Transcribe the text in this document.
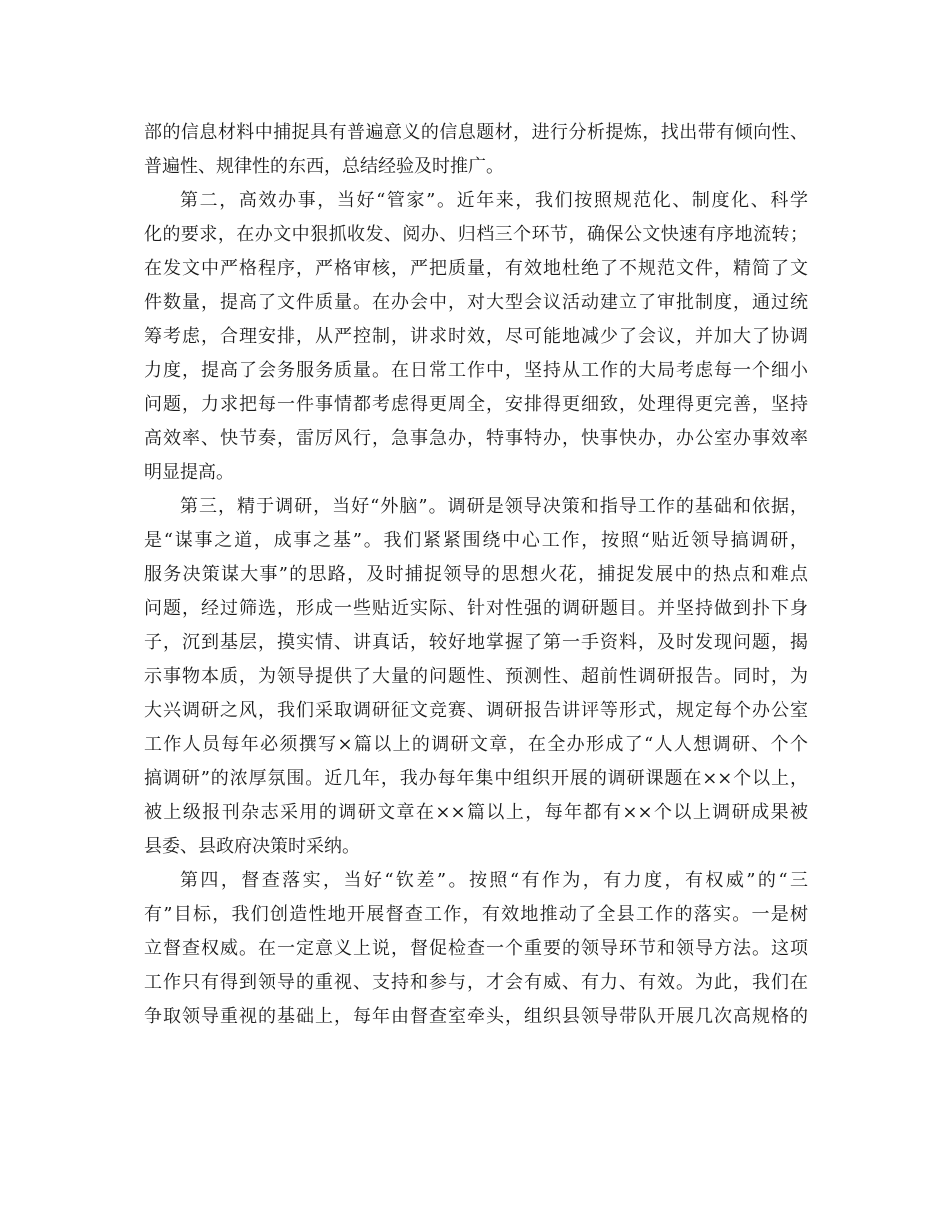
部的信息材料中捕捉具有普遍意义的信息题材，进行分析提炼，找出带有倾向性、
普遍性、规律性的东西，总结经验及时推广。
第二，高效办事，当好“管家”。近年来，我们按照规范化、制度化、科学
化的要求，在办文中狠抓收发、阅办、归档三个环节，确保公文快速有序地流转；
在发文中严格程序，严格审核，严把质量，有效地杜绝了不规范文件，精简了文
件数量，提高了文件质量。在办会中，对大型会议活动建立了审批制度，通过统
筹考虑，合理安排，从严控制，讲求时效，尽可能地减少了会议，并加大了协调
力度，提高了会务服务质量。在日常工作中，坚持从工作的大局考虑每一个细小
问题，力求把每一件事情都考虑得更周全，安排得更细致，处理得更完善，坚持
高效率、快节奏，雷厉风行，急事急办，特事特办，快事快办，办公室办事效率
明显提高。
第三，精于调研，当好“外脑”。调研是领导决策和指导工作的基础和依据，
是“谋事之道，成事之基”。我们紧紧围绕中心工作，按照“贴近领导搞调研，
服务决策谋大事”的思路，及时捕捉领导的思想火花，捕捉发展中的热点和难点
问题，经过筛选，形成一些贴近实际、针对性强的调研题目。并坚持做到扑下身
子，沉到基层，摸实情、讲真话，较好地掌握了第一手资料，及时发现问题，揭
示事物本质，为领导提供了大量的问题性、预测性、超前性调研报告。同时，为
大兴调研之风，我们采取调研征文竞赛、调研报告讲评等形式，规定每个办公室
工作人员每年必须撰写×篇以上的调研文章，在全办形成了“人人想调研、个个
搞调研”的浓厚氛围。近几年，我办每年集中组织开展的调研课题在××个以上，
被上级报刊杂志采用的调研文章在××篇以上，每年都有××个以上调研成果被
县委、县政府决策时采纳。
第四，督查落实，当好“钦差”。按照“有作为，有力度，有权威”的“三
有”目标，我们创造性地开展督查工作，有效地推动了全县工作的落实。一是树
立督查权威。在一定意义上说，督促检查一个重要的领导环节和领导方法。这项
工作只有得到领导的重视、支持和参与，才会有威、有力、有效。为此，我们在
争取领导重视的基础上，每年由督查室牵头，组织县领导带队开展几次高规格的
